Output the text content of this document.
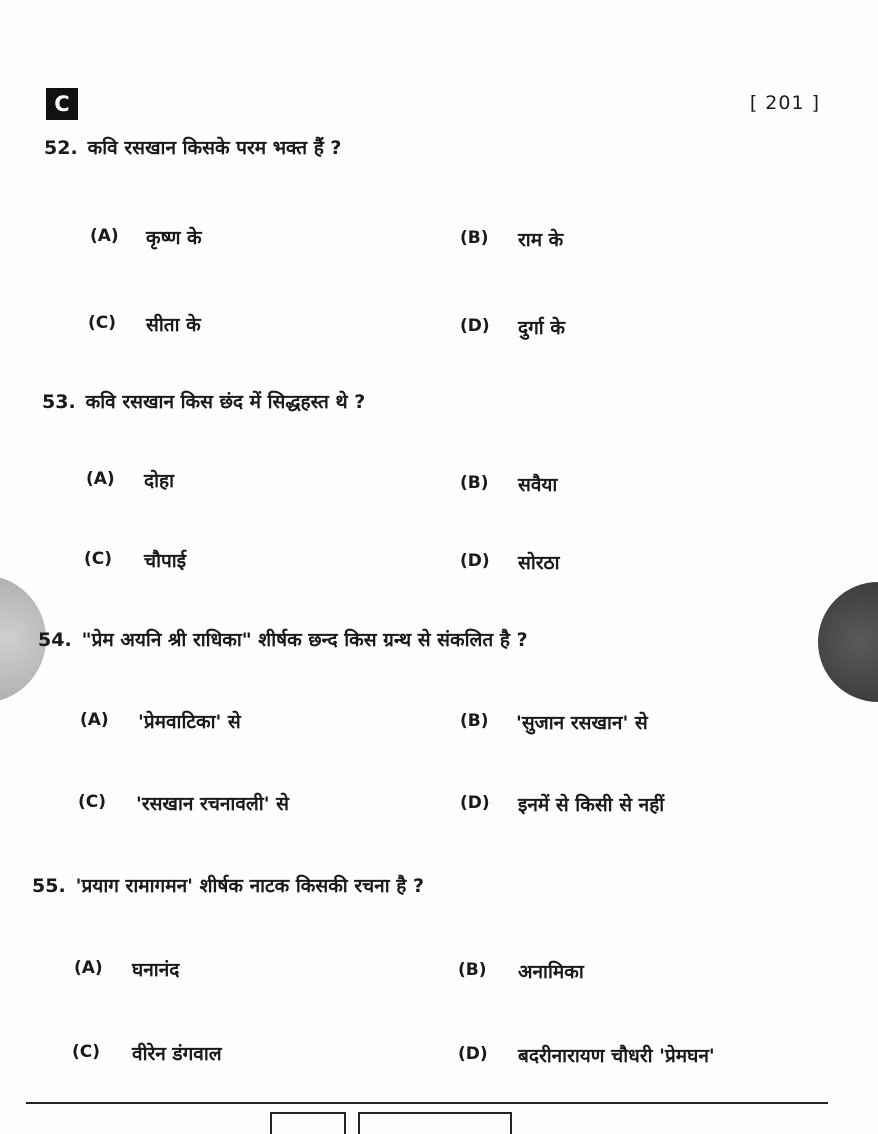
C	[ 201 ]
52. कवि रसखान किसके परम भक्त हैं ?
(A) कृष्ण के	(B) राम के
(C) सीता के	(D) दुर्गा के
53. कवि रसखान किस छंद में सिद्धहस्त थे ?
(A) दोहा	(B) सवैया
(C) चौपाई	(D) सोरठा
54. "प्रेम अयनि श्री राधिका" शीर्षक छन्द किस ग्रन्थ से संकलित है ?
(A) 'प्रेमवाटिका' से	(B) 'सुजान रसखान' से
(C) 'रसखान रचनावली' से	(D) इनमें से किसी से नहीं
55. 'प्रयाग रामागमन' शीर्षक नाटक किसकी रचना है ?
(A) घनानंद	(B) अनामिका
(C) वीरेन डंगवाल	(D) बदरीनारायण चौधरी 'प्रेमघन'
